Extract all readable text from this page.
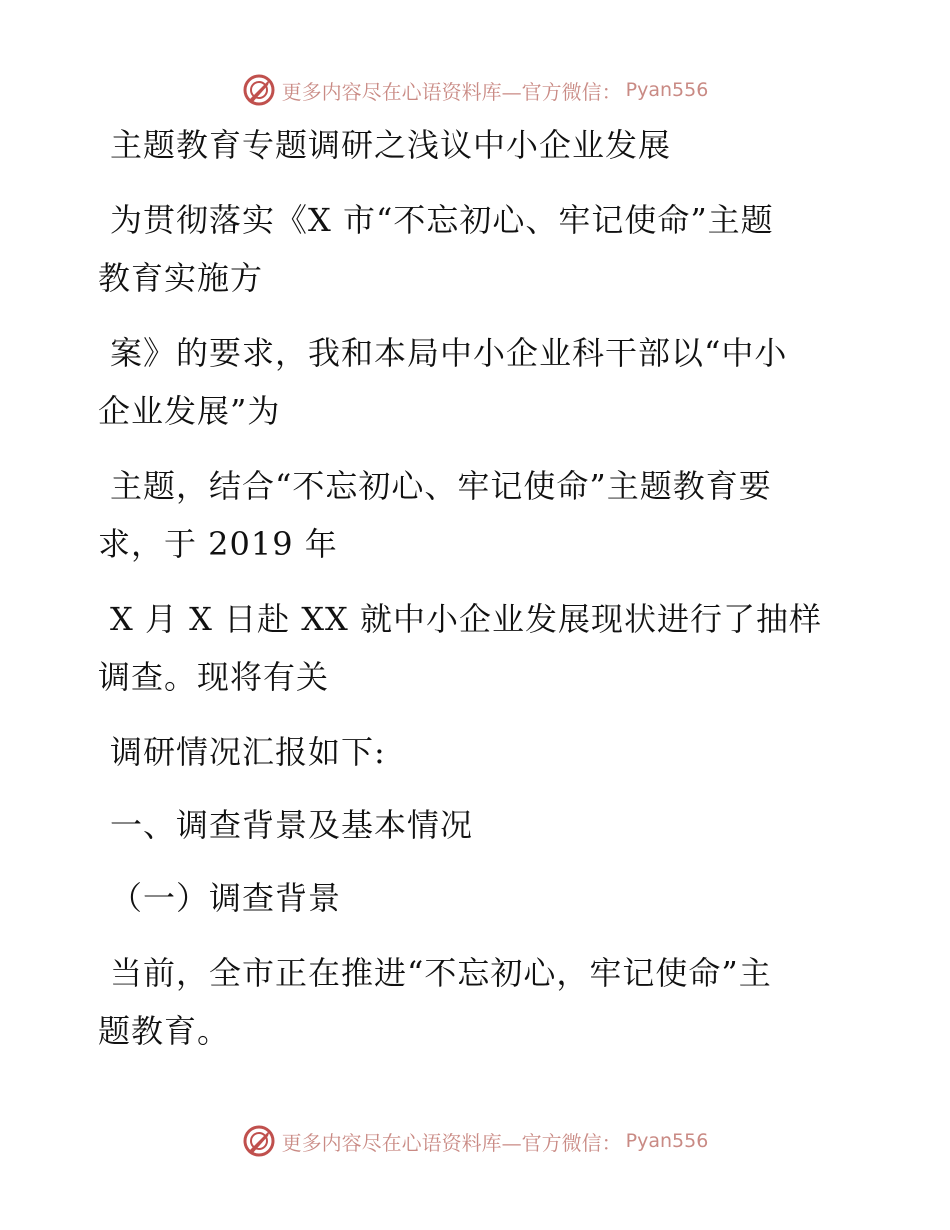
更多内容尽在心语资料库—官方微信： Pyan556
主题教育专题调研之浅议中小企业发展
为贯彻落实《X 市“不忘初心、牢记使命”主题
教育实施方
案》的要求，我和本局中小企业科干部以“中小
企业发展”为
主题，结合“不忘初心、牢记使命”主题教育要
求，于 2019 年
X 月 X 日赴 XX 就中小企业发展现状进行了抽样
调查。现将有关
调研情况汇报如下:
一、调查背景及基本情况
（一）调查背景
当前，全市正在推进“不忘初心，牢记使命”主
题教育。
更多内容尽在心语资料库—官方微信： Pyan556
